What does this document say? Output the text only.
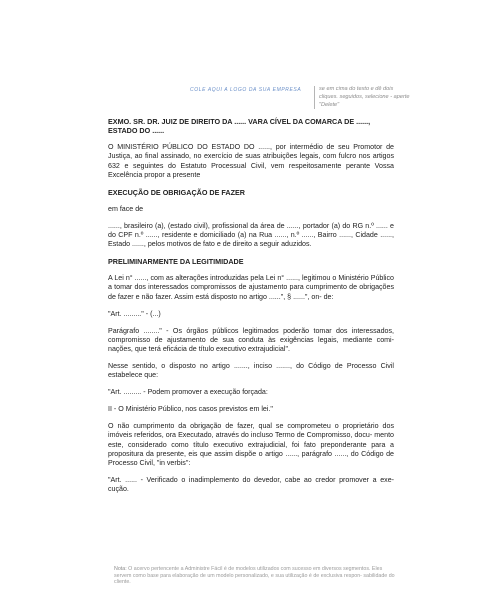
COLE AQUI A LOGO DA SUA EMPRESA	se em cima do texto e dê dois cliques. seguidos, selecione - aperte "Delete"
EXMO. SR. DR. JUIZ DE DIREITO DA ...... VARA CÍVEL DA COMARCA DE ......, ESTADO DO ......
O MINISTÉRIO PÚBLICO DO ESTADO DO ......, por intermédio de seu Promotor de Justiça, ao final assinado, no exercício de suas atribuições legais, com fulcro nos artigos 632 e seguintes do Estatuto Processual Civil, vem respeitosamente perante Vossa Excelência propor a presente
EXECUÇÃO DE OBRIGAÇÃO DE FAZER
em face de
......, brasileiro (a), (estado civil), profissional da área de ......, portador (a) do RG n.º ...... e do CPF n.º ......, residente e domiciliado (a) na Rua ......, n.º ......, Bairro ......, Cidade ......, Estado ......, pelos motivos de fato e de direito a seguir aduzidos.
PRELIMINARMENTE DA LEGITIMIDADE
A Lei n° ......, com as alterações introduzidas pela Lei n° ......, legitimou o Ministério Público a tomar dos interessados compromissos de ajustamento para cumprimento de obrigações de fazer e não fazer. Assim está disposto no artigo ......", § ......", on- de:
"Art. ........." - (...)
Parágrafo ........" - Os órgãos públicos legitimados poderão tomar dos interessados, compromisso de ajustamento de sua conduta às exigências legais, mediante comi- nações, que terá eficácia de título executivo extrajudicial".
Nesse sentido, o disposto no artigo ......., inciso ......., do Código de Processo Civil estabelece que:
"Art. ......... - Podem promover a execução forçada:
II - O Ministério Público, nos casos previstos em lei."
O não cumprimento da obrigação de fazer, qual se comprometeu o proprietário dos imóveis referidos, ora Executado, através do incluso Termo de Compromisso, docu- mento este, considerado como título executivo extrajudicial, foi fato preponderante para a propositura da presente, eis que assim dispõe o artigo ......, parágrafo ......, do Código de Processo Civil, "in verbis":
"Art. ...... - Verificado o inadimplemento do devedor, cabe ao credor promover a exe- cução.
Nota: O acervo pertencente a Administre Fácil é de modelos utilizados com sucesso em diversos segmentos. Eles servem como base para elaboração de um modelo personalizado, e sua utilização é de exclusiva respon- sabilidade do cliente.
